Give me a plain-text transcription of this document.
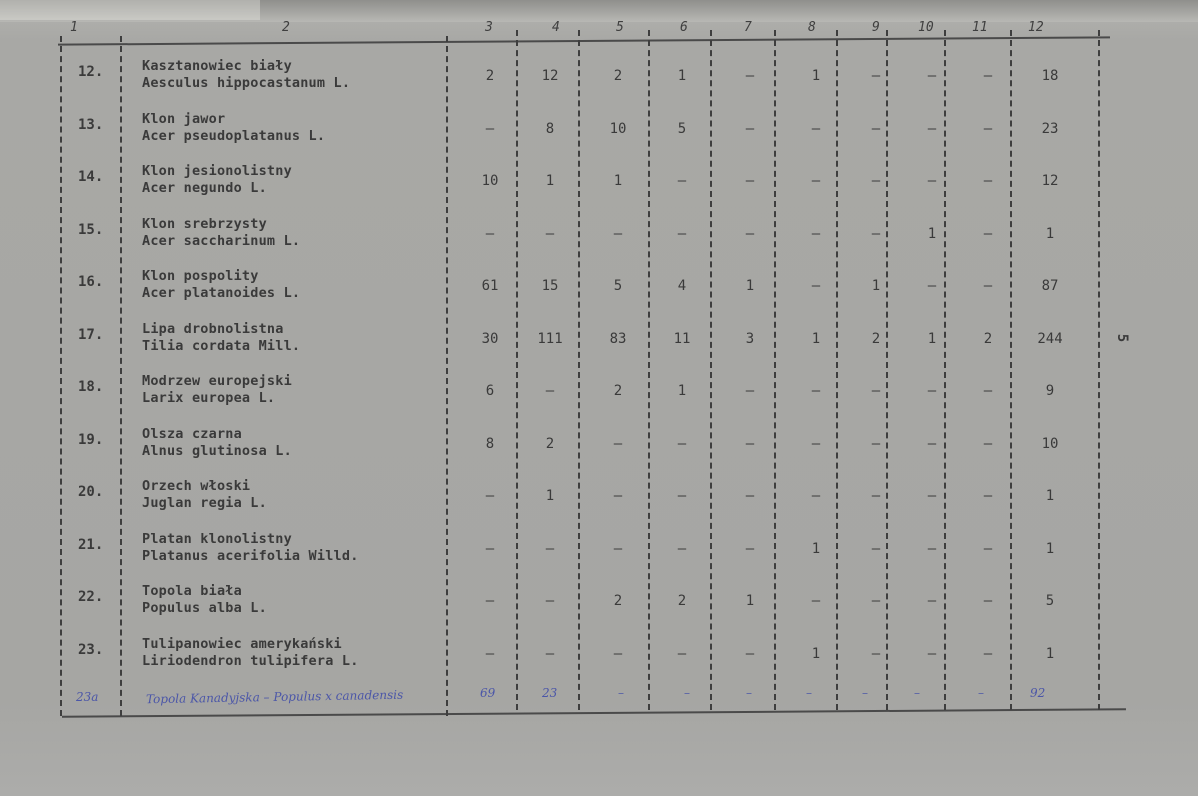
1	2	3	4	5	6	7	8	9	10	11	12
12.	Kasztanowiec biały
Aesculus hippocastanum L.	2	12	2	1	–	1	–	–	–	18
13.	Klon jawor
Acer pseudoplatanus L.	–	8	10	5	–	–	–	–	–	23
14.	Klon jesionolistny
Acer negundo L.	10	1	1	–	–	–	–	–	–	12
15.	Klon srebrzysty
Acer saccharinum L.	–	–	–	–	–	–	–	1	–	1
16.	Klon pospolity
Acer platanoides L.	61	15	5	4	1	–	1	–	–	87
17.	Lipa drobnolistna
Tilia cordata Mill.	30	111	83	11	3	1	2	1	2	244
18.	Modrzew europejski
Larix europea L.	6	–	2	1	–	–	–	–	–	9
19.	Olsza czarna
Alnus glutinosa L.	8	2	–	–	–	–	–	–	–	10
20.	Orzech włoski
Juglan regia L.	–	1	–	–	–	–	–	–	–	1
21.	Platan klonolistny
Platanus acerifolia Willd.	–	–	–	–	–	1	–	–	–	1
22.	Topola biała
Populus alba L.	–	–	2	2	1	–	–	–	–	5
23.	Tulipanowiec amerykański
Liriodendron tulipifera L.	–	–	–	–	–	1	–	–	–	1
23a	Topola Kanadyjska – Populus x canadensis	69	23	–	–	–	–	–	–	–	92
5
